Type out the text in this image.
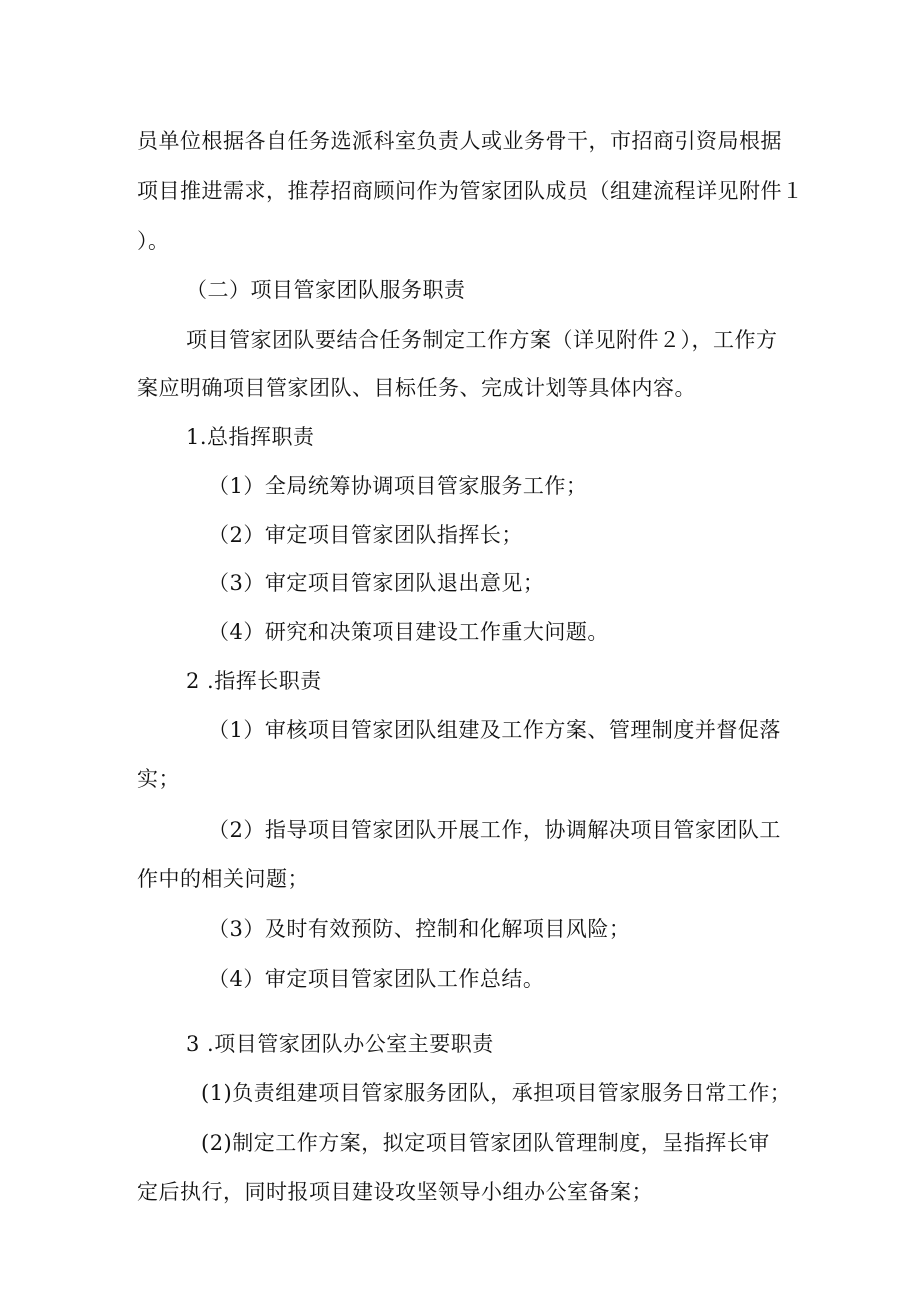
员单位根据各自任务选派科室负责人或业务骨干，市招商引资局根据
项目推进需求，推荐招商顾问作为管家团队成员（组建流程详见附件１
）。
（二）项目管家团队服务职责
项目管家团队要结合任务制定工作方案（详见附件２），工作方
案应明确项目管家团队、目标任务、完成计划等具体内容。
1.总指挥职责
（1）全局统筹协调项目管家服务工作；
（2）审定项目管家团队指挥长；
（3）审定项目管家团队退出意见；
（4）研究和决策项目建设工作重大问题。
2 .指挥长职责
（1）审核项目管家团队组建及工作方案、管理制度并督促落
实；
（2）指导项目管家团队开展工作，协调解决项目管家团队工
作中的相关问题；
（3）及时有效预防、控制和化解项目风险；
（4）审定项目管家团队工作总结。
3 .项目管家团队办公室主要职责
(1)负责组建项目管家服务团队，承担项目管家服务日常工作；
(2)制定工作方案，拟定项目管家团队管理制度，呈指挥长审
定后执行，同时报项目建设攻坚领导小组办公室备案；
